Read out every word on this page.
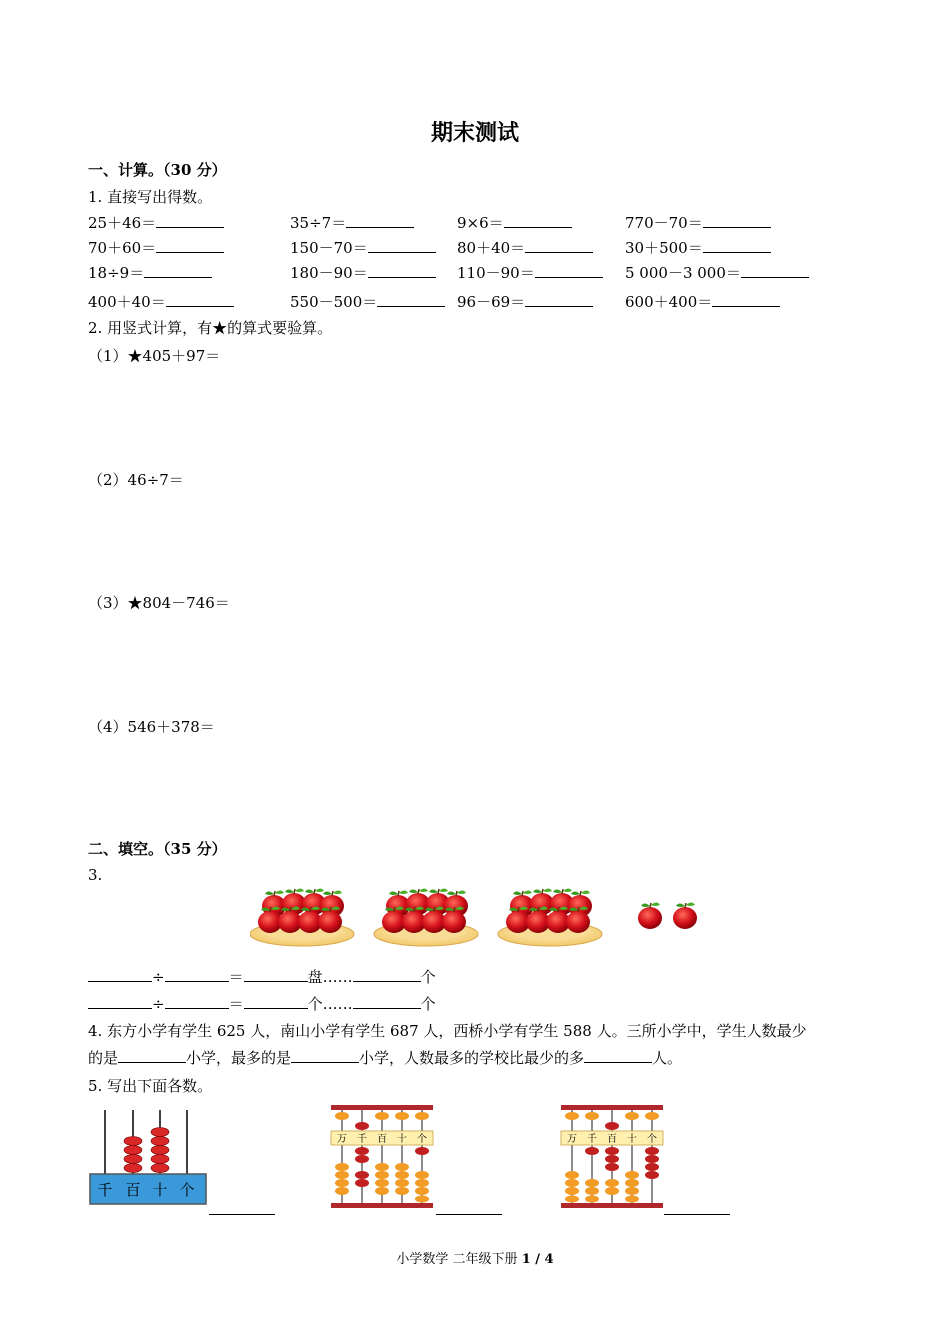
期末测试
一、计算。（30 分）
1. 直接写出得数。
25＋46＝	35÷7＝	9×6＝	770－70＝
70＋60＝	150－70＝	80＋40＝	30＋500＝
18÷9＝	180－90＝	110－90＝	5 000－3 000＝
400＋40＝	550－500＝	96－69＝	600＋400＝
2. 用竖式计算，有★的算式要验算。
（1）★405＋97＝
（2）46÷7＝
（3）★804－746＝
（4）546＋378＝
二、填空。（35 分）
3.
÷	＝	盘……	个
÷	＝	个……	个
4. 东方小学有学生 625 人，南山小学有学生 687 人，西桥小学有学生 588 人。三所小学中，学生人数最少
的是	小学，最多的是	小学，人数最多的学校比最少的多	人。
5. 写出下面各数。
千 百 十 个
万 千 百 十 个	万 千 百 十 个
小学数学 二年级下册 1 / 4
